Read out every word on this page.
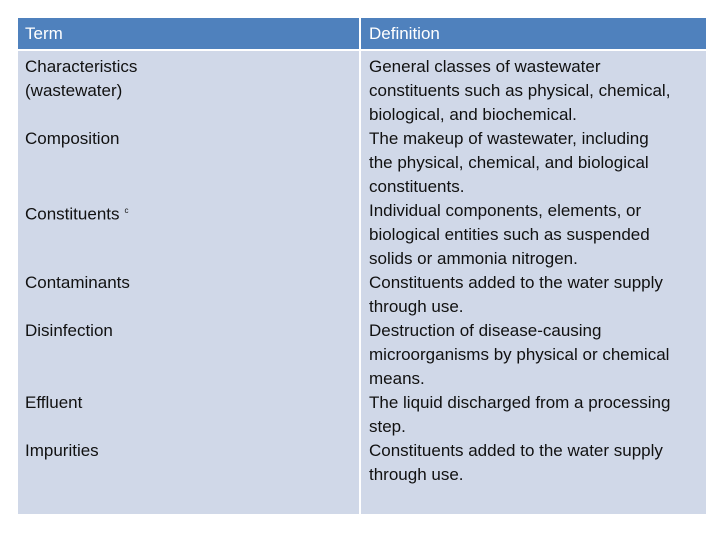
Term	Definition
Characteristics
(wastewater)
Composition
Constituents $^c$
Contaminants
Disinfection
Effluent
Impurities
General classes of wastewater
constituents such as physical, chemical,
biological, and biochemical.
The makeup of wastewater, including
the physical, chemical, and biological
constituents.
Individual components, elements, or
biological entities such as suspended
solids or ammonia nitrogen.
Constituents added to the water supply
through use.
Destruction of disease-causing
microorganisms by physical or chemical
means.
The liquid discharged from a processing
step.
Constituents added to the water supply
through use.
